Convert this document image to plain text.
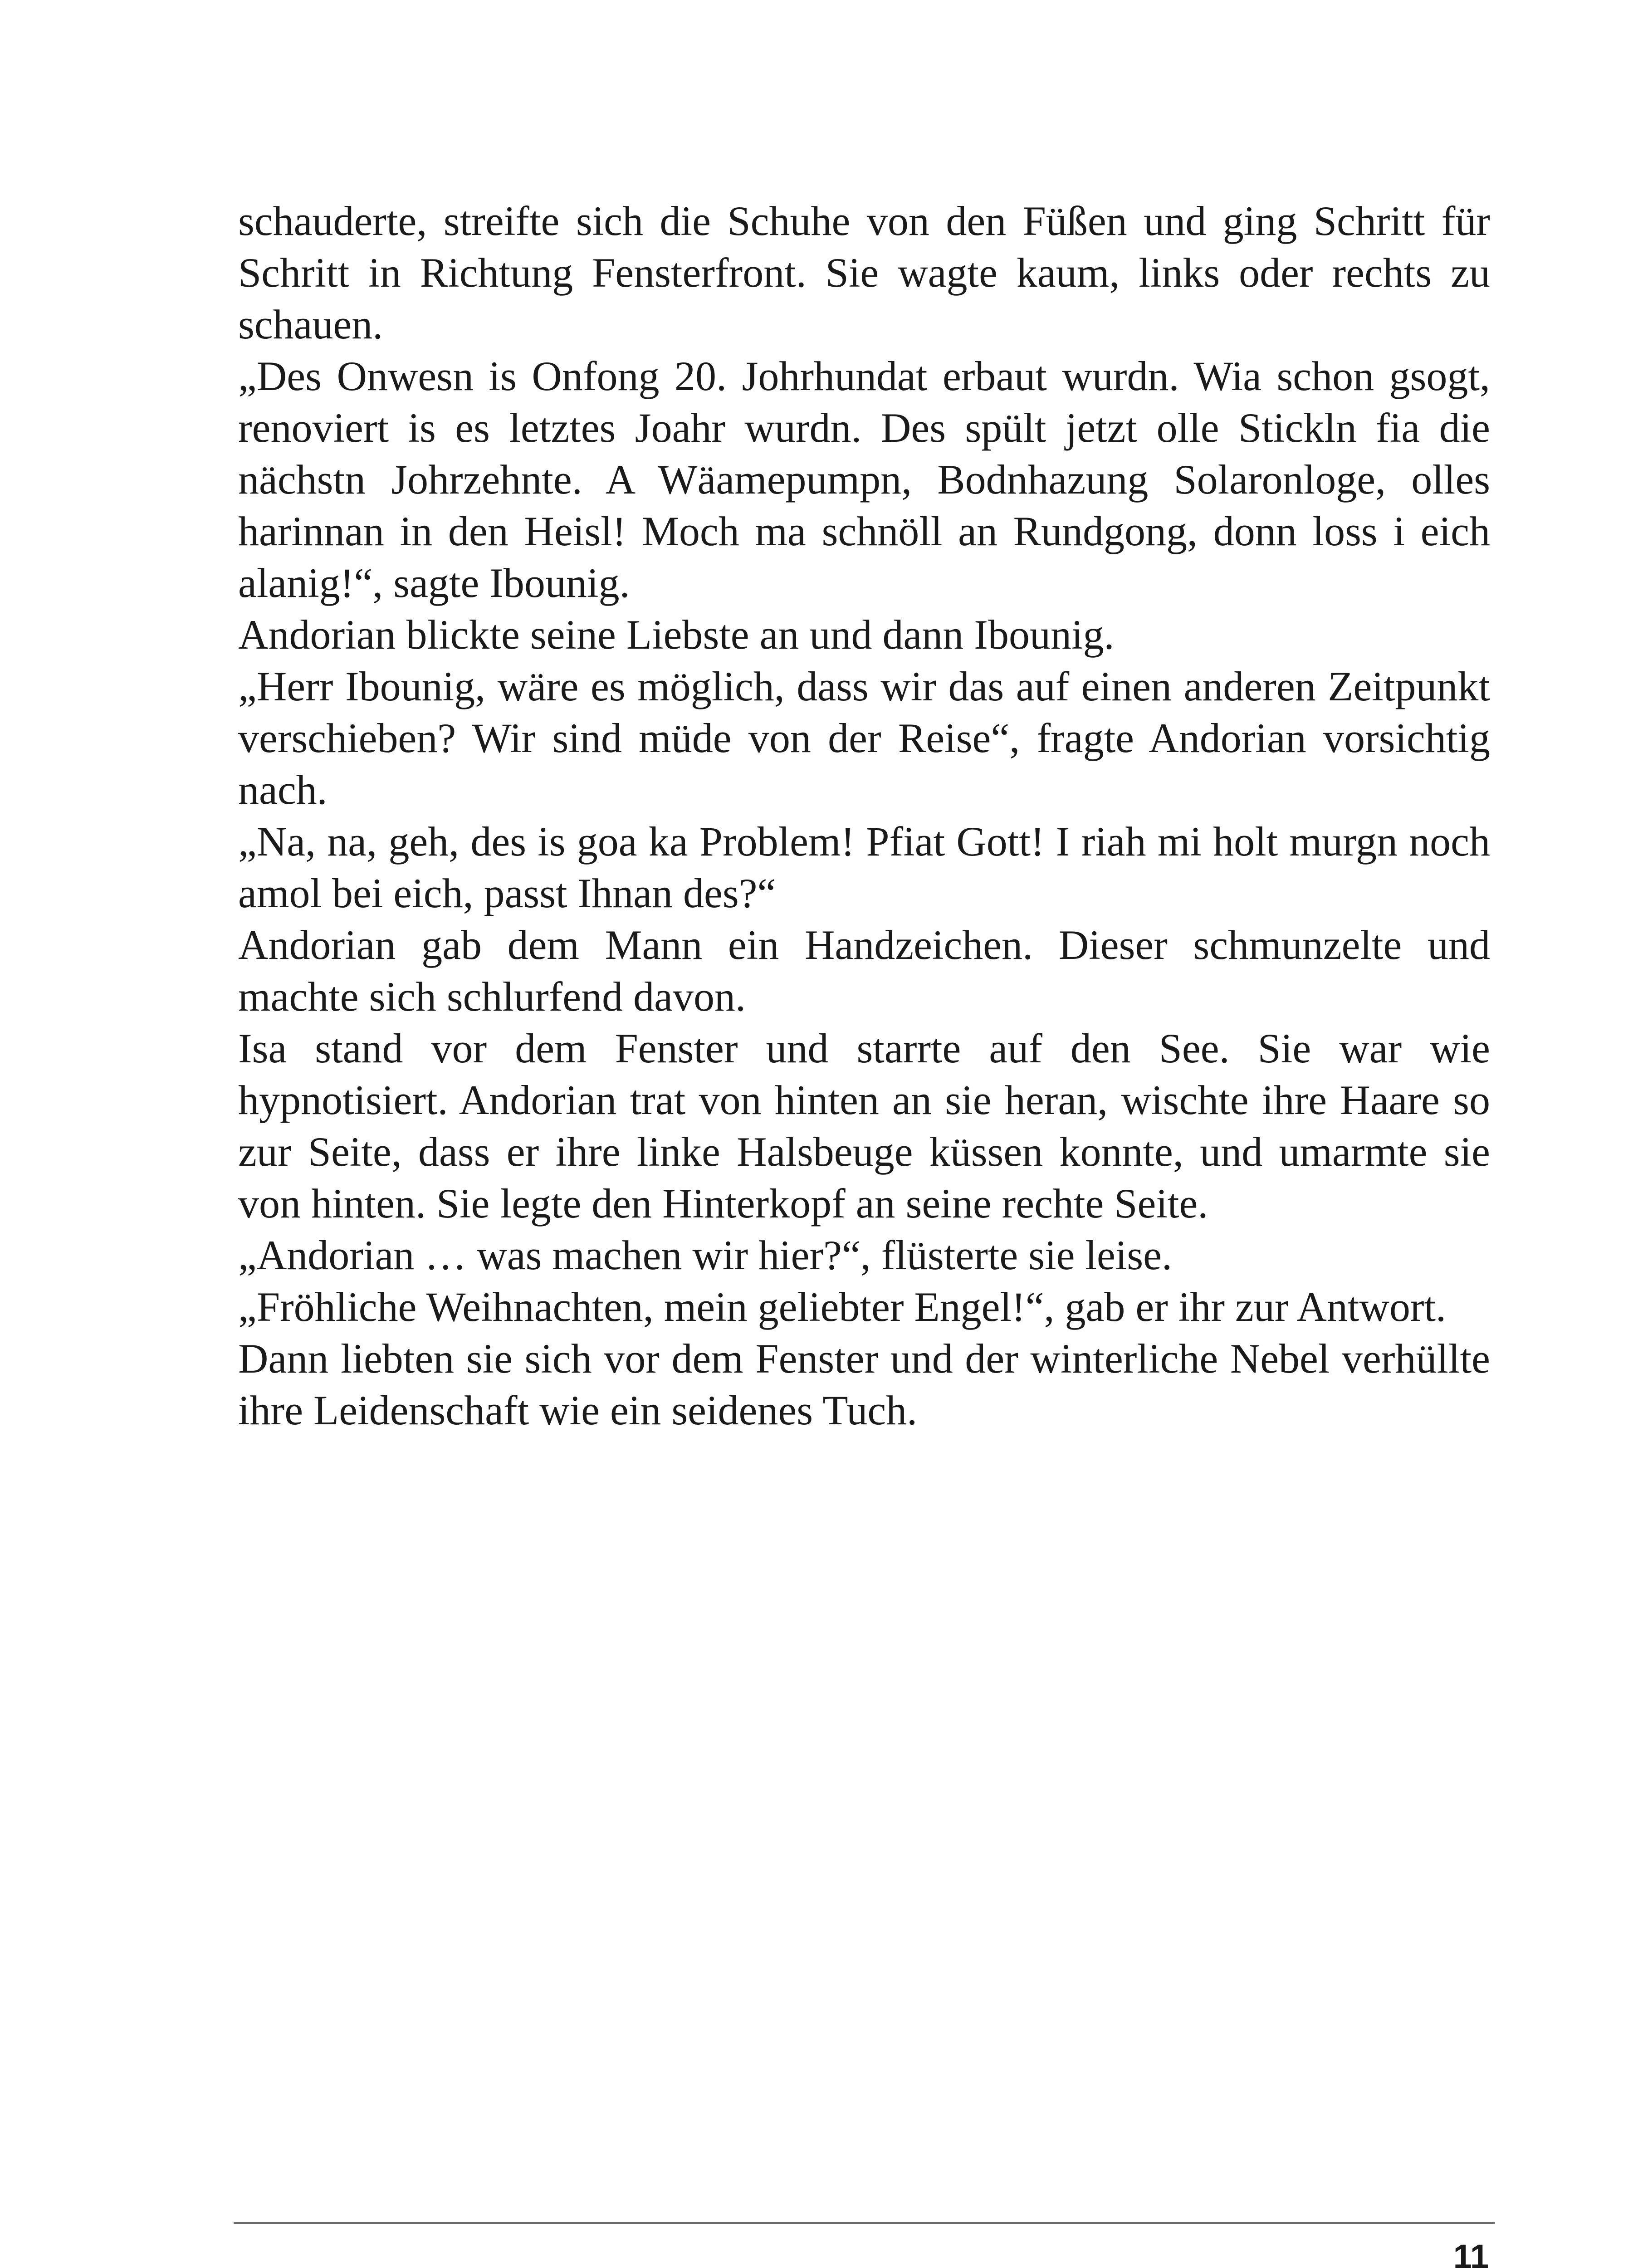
schauderte, streifte sich die Schuhe von den Füßen und ging Schritt für Schritt in Richtung Fensterfront. Sie wagte kaum, links oder rechts zu schauen.

„Des Onwesn is Onfong 20. Johrhundat erbaut wurdn. Wia schon gsogt, renoviert is es letztes Joahr wurdn. Des spült jetzt olle Stickln fia die nächstn Johrzehnte. A Wäamepumpn, Bodnhazung Solaronloge, olles harinnan in den Heisl! Moch ma schnöll an Rundgong, donn loss i eich alanig!“, sagte Ibounig.

Andorian blickte seine Liebste an und dann Ibounig.

„Herr Ibounig, wäre es möglich, dass wir das auf einen anderen Zeitpunkt verschieben? Wir sind müde von der Reise“, fragte Andorian vorsichtig nach.

„Na, na, geh, des is goa ka Problem! Pfiat Gott! I riah mi holt murgn noch amol bei eich, passt Ihnan des?“

Andorian gab dem Mann ein Handzeichen. Dieser schmunzelte und machte sich schlurfend davon.

Isa stand vor dem Fenster und starrte auf den See. Sie war wie hypnotisiert. Andorian trat von hinten an sie heran, wischte ihre Haare so zur Seite, dass er ihre linke Halsbeuge küssen konnte, und umarmte sie von hinten. Sie legte den Hinterkopf an seine rechte Seite.

„Andorian … was machen wir hier?“, flüsterte sie leise.

„Fröhliche Weihnachten, mein geliebter Engel!“, gab er ihr zur Antwort.

Dann liebten sie sich vor dem Fenster und der winterliche Nebel verhüllte ihre Leidenschaft wie ein seidenes Tuch.

11
